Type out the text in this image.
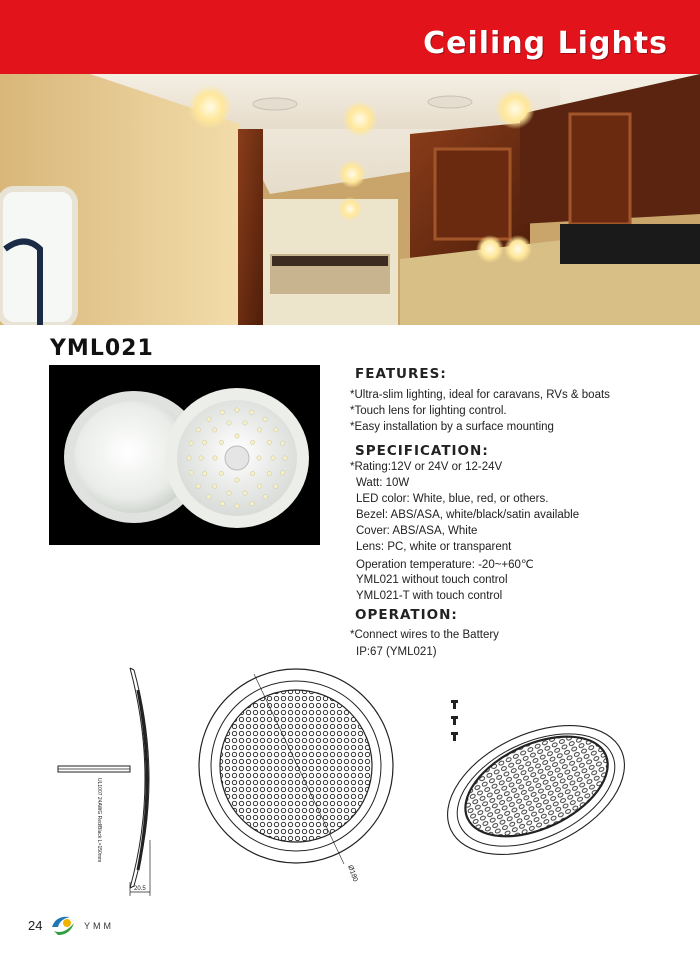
Ceiling Lights
YML021
FEATURES:
*Ultra-slim lighting, ideal for caravans, RVs & boats
*Touch lens for lighting control.
*Easy installation by a surface mounting
SPECIFICATION:
*Rating:12V or 24V or 12-24V
Watt: 10W
LED color: White, blue, red, or others.
Bezel: ABS/ASA, white/black/satin available
Cover: ABS/ASA, White
Lens: PC, white or transparent
Operation temperature: -20~+60℃
YML021 without touch control
YML021-T with touch control
OPERATION:
*Connect wires to the Battery
IP:67 (YML021)
UL1007 24AWG Red/Black L=150mm
20.5
Ø180
24	YMM
